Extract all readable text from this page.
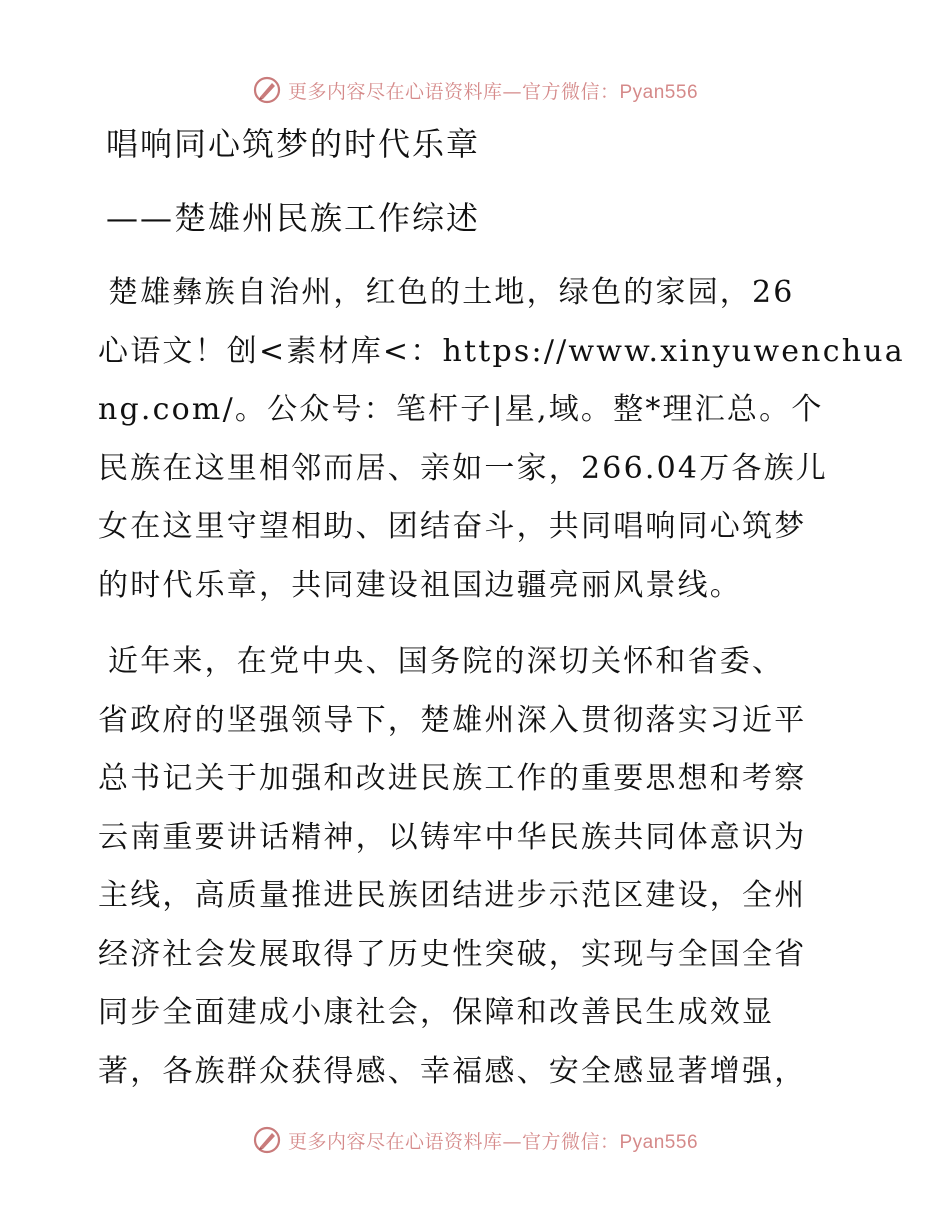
更多内容尽在心语资料库—官方微信：Pyan556
唱响同心筑梦的时代乐章
——楚雄州民族工作综述
楚雄彝族自治州，红色的土地，绿色的家园，26
心语文！创<素材库<：https://www.xinyuwenchua
ng.com/。公众号：笔杆子|星,域。整*理汇总。个
民族在这里相邻而居、亲如一家，266.04万各族儿
女在这里守望相助、团结奋斗，共同唱响同心筑梦
的时代乐章，共同建设祖国边疆亮丽风景线。
近年来，在党中央、国务院的深切关怀和省委、
省政府的坚强领导下，楚雄州深入贯彻落实习近平
总书记关于加强和改进民族工作的重要思想和考察
云南重要讲话精神，以铸牢中华民族共同体意识为
主线，高质量推进民族团结进步示范区建设，全州
经济社会发展取得了历史性突破，实现与全国全省
同步全面建成小康社会，保障和改善民生成效显
著，各族群众获得感、幸福感、安全感显著增强，
更多内容尽在心语资料库—官方微信：Pyan556
